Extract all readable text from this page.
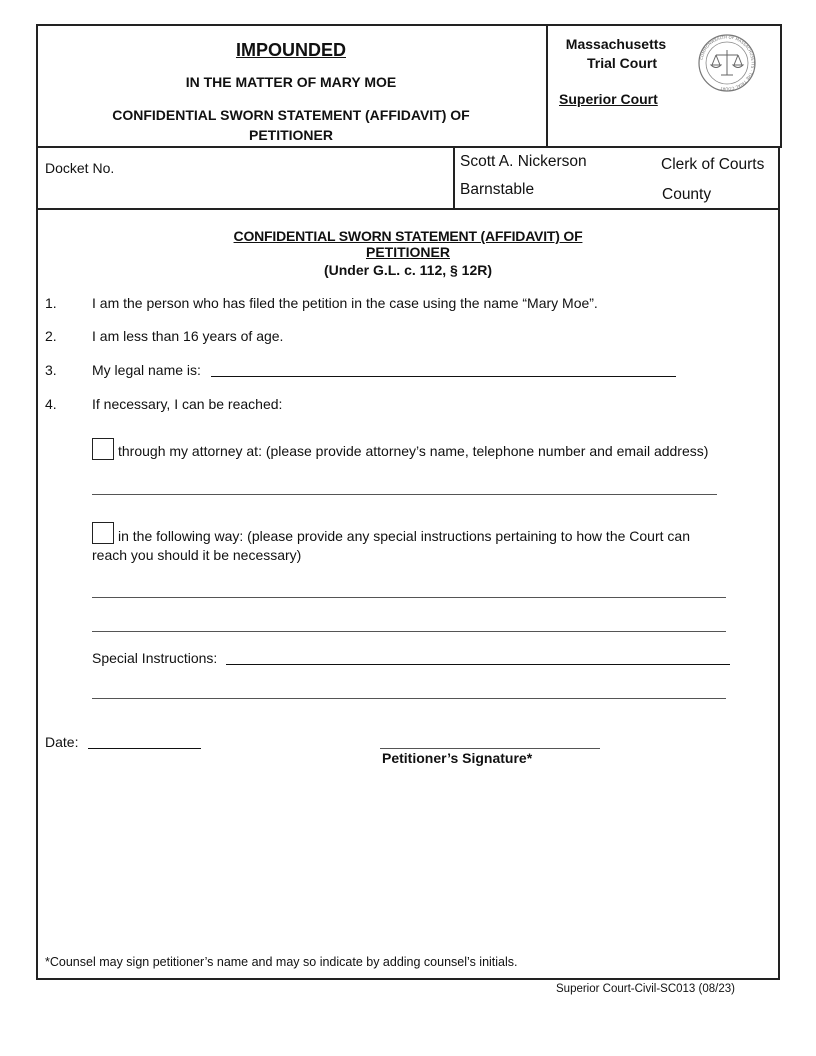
IMPOUNDED
IN THE MATTER OF MARY MOE
CONFIDENTIAL SWORN STATEMENT (AFFIDAVIT) OF
PETITIONER
Massachusetts
Trial Court
Superior Court
COMMONWEALTH OF MASSACHUSETTS · THE TRIAL COURT
Docket No.	Scott A. Nickerson	Clerk of Courts
Barnstable	County
CONFIDENTIAL SWORN STATEMENT (AFFIDAVIT) OF
PETITIONER
(Under G.L. c. 112, § 12R)
1.	I am the person who has filed the petition in the case using the name “Mary Moe”.
2.	I am less than 16 years of age.
3.	My legal name is:
4.	If necessary, I can be reached:
through my attorney at: (please provide attorney’s name, telephone number and email address)
in the following way: (please provide any special instructions pertaining to how the Court can
reach you should it be necessary)
Special Instructions:
Date:
Petitioner’s Signature*
*Counsel may sign petitioner’s name and may so indicate by adding counsel’s initials.
Superior Court-Civil-SC013 (08/23)
